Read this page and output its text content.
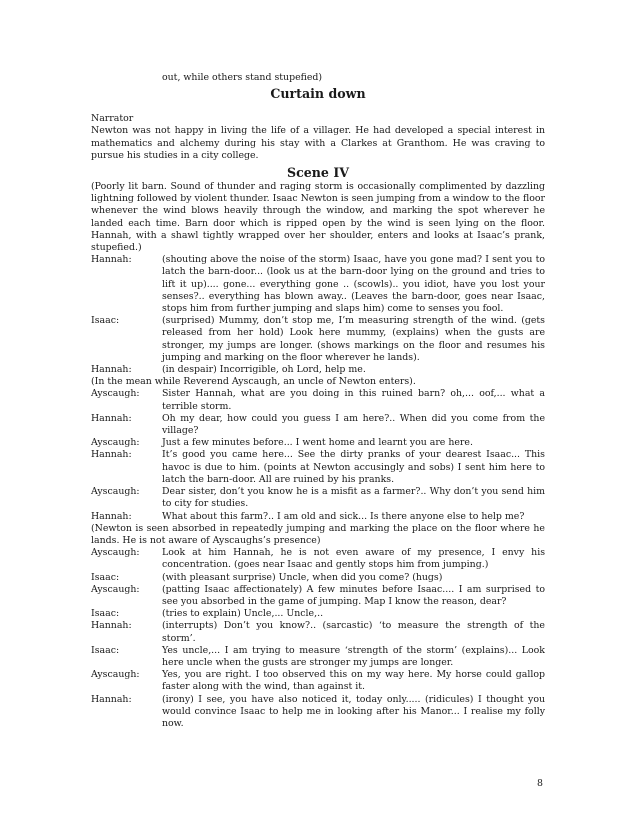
out, while others stand stupefied)
Curtain down
Narrator
Newton was not happy in living the life of a villager. He had developed a special interest in mathematics and alchemy during his stay with a Clarkes at Granthom. He was craving to pursue his studies in a city college.
Scene IV
(Poorly lit barn. Sound of thunder and raging storm is occasionally complimented by dazzling lightning followed by violent thunder. Isaac Newton is seen jumping from a window to the floor whenever the wind blows heavily through the window, and marking the spot wherever he landed each time. Barn door which is ripped open by the wind is seen lying on the floor. Hannah, with a shawl tightly wrapped over her shoulder, enters and looks at Isaac’s prank, stupefied.)
Hannah:	(shouting above the noise of the storm) Isaac, have you gone mad? I sent you to latch the barn-door... (look us at the barn-door lying on the ground and tries to lift it up).... gone... everything gone .. (scowls).. you idiot, have you lost your senses?.. everything has blown away.. (Leaves the barn-door, goes near Isaac, stops him from further jumping and slaps him) come to senses you fool.
Isaac:	(surprised) Mummy, don’t stop me, I’m measuring strength of the wind. (gets released from her hold) Look here mummy, (explains) when the gusts are stronger, my jumps are longer. (shows markings on the floor and resumes his jumping and marking on the floor wherever he lands).
Hannah:	(in despair) Incorrigible, oh Lord, help me.
(In the mean while Reverend Ayscaugh, an uncle of Newton enters).
Ayscaugh:	Sister Hannah, what are you doing in this ruined barn? oh,... oof,... what a terrible storm.
Hannah:	Oh my dear, how could you guess I am here?.. When did you come from the village?
Ayscaugh:	Just a few minutes before... I went home and learnt you are here.
Hannah:	It’s good you came here... See the dirty pranks of your dearest Isaac... This havoc is due to him. (points at Newton accusingly and sobs) I sent him here to latch the barn-door. All are ruined by his pranks.
Ayscaugh:	Dear sister, don’t you know he is a misfit as a farmer?.. Why don’t you send him to city for studies.
Hannah:	What about this farm?.. I am old and sick... Is there anyone else to help me?
(Newton is seen absorbed in repeatedly jumping and marking the place on the floor where he lands. He is not aware of Ayscaughs’s presence)
Ayscaugh:	Look at him Hannah, he is not even aware of my presence, I envy his concentration. (goes near Isaac and gently stops him from jumping.)
Isaac:	(with pleasant surprise) Uncle, when did you come? (hugs)
Ayscaugh:	(patting Isaac affectionately) A few minutes before Isaac.... I am surprised to see you absorbed in the game of jumping. Map I know the reason, dear?
Isaac:	(tries to explain) Uncle,... Uncle,..
Hannah:	(interrupts) Don’t you know?.. (sarcastic) ‘to measure the strength of the storm’.
Isaac:	Yes uncle,... I am trying to measure ‘strength of the storm’ (explains)... Look here uncle when the gusts are stronger my jumps are longer.
Ayscaugh:	Yes, you are right. I too observed this on my way here. My horse could gallop faster along with the wind, than against it.
Hannah:	(irony) I see, you have also noticed it, today only..... (ridicules) I thought you would convince Isaac to help me in looking after his Manor... I realise my folly now.
8
